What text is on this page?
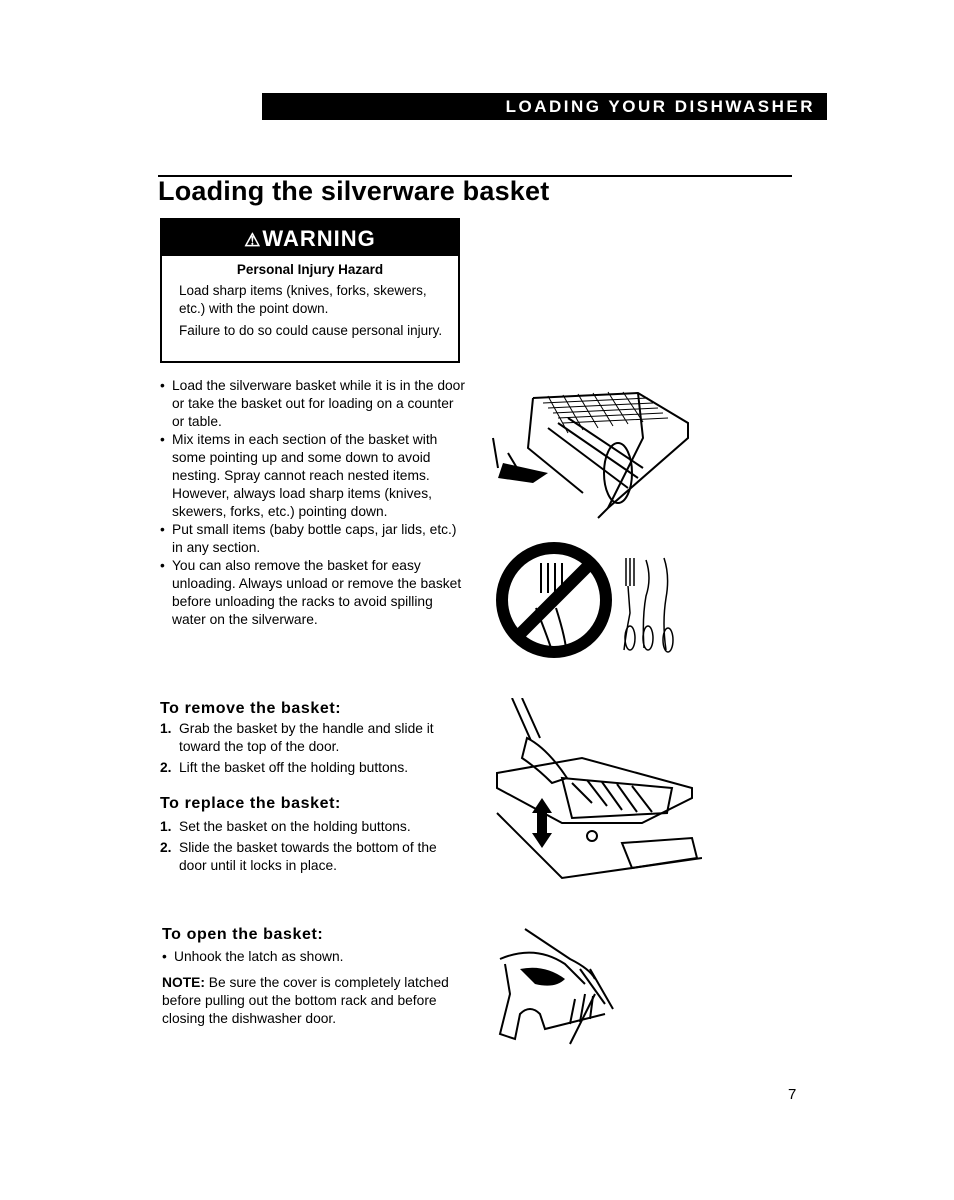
LOADING YOUR DISHWASHER
Loading the silverware basket
⚠WARNING
Personal Injury Hazard
Load sharp items (knives, forks, skewers, etc.) with the point down.
Failure to do so could cause personal injury.
• Load the silverware basket while it is in the door or take the basket out for loading on a counter or table.
• Mix items in each section of the basket with some pointing up and some down to avoid nesting. Spray cannot reach nested items. However, always load sharp items (knives, skewers, forks, etc.) pointing down.
• Put small items (baby bottle caps, jar lids, etc.) in any section.
• You can also remove the basket for easy unloading. Always unload or remove the basket before unloading the racks to avoid spilling water on the silverware.
To remove the basket:
1. Grab the basket by the handle and slide it toward the top of the door.
2. Lift the basket off the holding buttons.
To replace the basket:
1. Set the basket on the holding buttons.
2. Slide the basket towards the bottom of the door until it locks in place.
To open the basket:
• Unhook the latch as shown.
NOTE: Be sure the cover is completely latched before pulling out the bottom rack and before closing the dishwasher door.
7
